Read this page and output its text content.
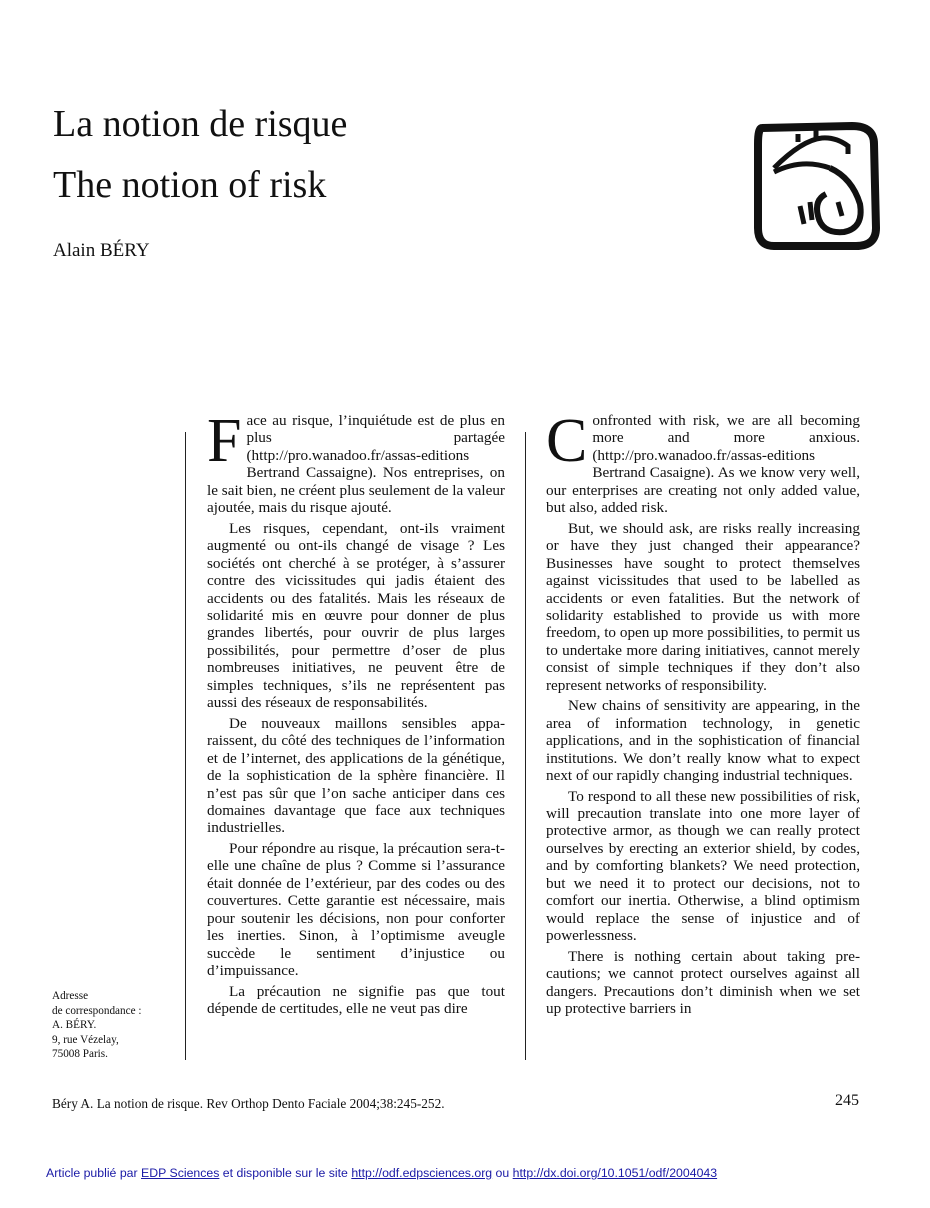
La notion de risque
The notion of risk
Alain BÉRY

Face au risque, l’inquiétude est de plus en plus partagée (http://pro.wanadoo.fr/assas-editions Bertrand Cassaigne). Nos entreprises, on le sait bien, ne créent plus seulement de la valeur ajoutée, mais du risque ajouté.

Les risques, cependant, ont-ils vraiment augmenté ou ont-ils changé de visage ? Les sociétés ont cherché à se protéger, à s’assurer contre des vicissitudes qui jadis étaient des accidents ou des fatalités. Mais les réseaux de solidarité mis en œuvre pour donner de plus grandes libertés, pour ouvrir de plus larges possibilités, pour permettre d’oser de plus nombreuses initiatives, ne peuvent être de simples techniques, s’ils ne représentent pas aussi des réseaux de responsabilités.

De nouveaux maillons sensibles apparaissent, du côté des techniques de l’information et de l’internet, des applications de la génétique, de la sophistication de la sphère financière. Il n’est pas sûr que l’on sache anticiper dans ces domaines davantage que face aux techniques industrielles.

Pour répondre au risque, la précaution sera-t-elle une chaîne de plus ? Comme si l’assurance était donnée de l’extérieur, par des codes ou des couvertures. Cette garantie est nécessaire, mais pour soutenir les décisions, non pour conforter les inerties. Sinon, à l’optimisme aveugle succède le sentiment d’injustice ou d’impuissance.

La précaution ne signifie pas que tout dépende de certitudes, elle ne veut pas dire

Confronted with risk, we are all becoming more and more anxious. (http://pro.wanadoo.fr/assas-editions Bertrand Casaigne). As we know very well, our enterprises are creating not only added value, but also, added risk.

But, we should ask, are risks really increasing or have they just changed their appearance? Businesses have sought to protect themselves against vicissitudes that used to be labelled as accidents or even fatalities. But the network of solidarity established to provide us with more freedom, to open up more possibilities, to permit us to undertake more daring initiatives, cannot merely consist of simple techniques if they don’t also represent networks of responsibility.

New chains of sensitivity are appearing, in the area of information technology, in genetic applications, and in the sophistication of financial institutions. We don’t really know what to expect next of our rapidly changing industrial techniques.

To respond to all these new possibilities of risk, will precaution translate into one more layer of protective armor, as though we can really protect ourselves by erecting an exterior shield, by codes, and by comforting blankets? We need protection, but we need it to protect our decisions, not to comfort our inertia. Otherwise, a blind optimism would replace the sense of injustice and of powerlessness.

There is nothing certain about taking precautions; we cannot protect ourselves against all dangers. Precautions don’t diminish when we set up protective barriers in

Adresse
de correspondance :
A. BÉRY.
9, rue Vézelay,
75008 Paris.
Béry A. La notion de risque. Rev Orthop Dento Faciale 2004;38:245-252.	245
Article publié par EDP Sciences et disponible sur le site http://odf.edpsciences.org ou http://dx.doi.org/10.1051/odf/2004043
